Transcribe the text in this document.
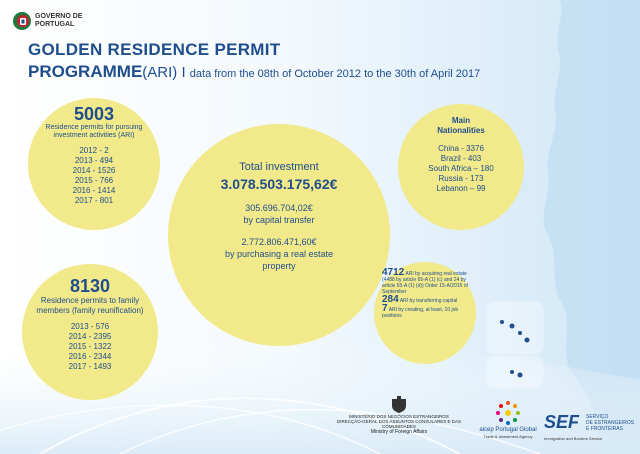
GOVERNO DE PORTUGAL
GOLDEN RESIDENCE PERMIT
PROGRAMME(ARI) I data from the 08th of October 2012 to the 30th of April 2017
5003
Residence permits for pursuing investment activities (ARI)

2012 - 2

2013 - 494

2014 - 1526

2015 - 766

2016 - 1414

2017 - 801

8130
Residence permits to family members (family reunification)

2013 - 576

2014 - 2395

2015 - 1322

2016 - 2344

2017 - 1493

Total investment
3.078.503.175,62€
305.696.704,02€
by capital transfer
2.772.806.471,60€
by purchasing a real estate property
Main
Nationalities

China - 3376

Brazil - 403

South Africa – 180

Russia - 173

Lebanon – 99

4712 ARI by acquiring real estate (4488 by article 65-A (1) (c) and 24 by article 65-A (1) (d)) Order 15-A/2015 of September
284 ARI by transferring capital
7 ARI by creating, at least, 10 job positions
MINISTÉRIO DOS NEGÓCIOS ESTRANGEIROS
DIRECÇÃO-GERAL DOS ASSUNTOS CONSULARES E DAS COMUNIDADES
Ministry of Foreign Affairs	aicep Portugal Global
Trade & Investment Agency
SEF SERVIÇO
DE ESTRANGEIROS
E FRONTEIRAS
Immigration and Borders Service
